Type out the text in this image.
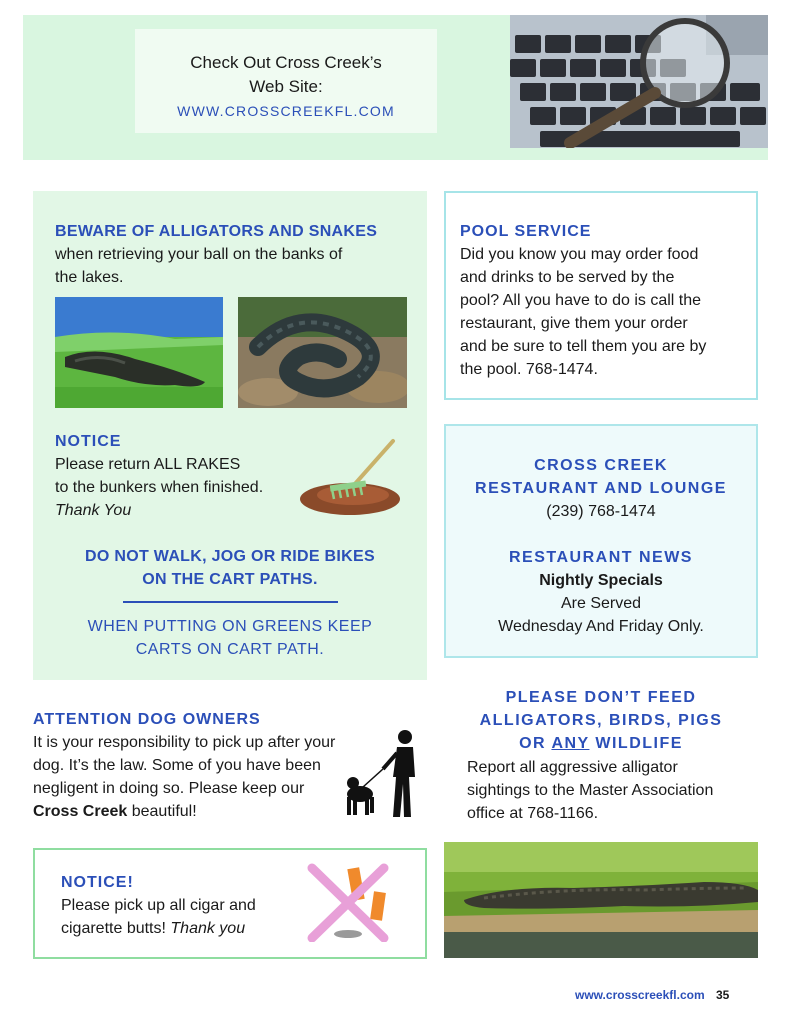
Check Out Cross Creek’s
Web Site:
WWW.CROSSCREEKFL.COM
BEWARE OF ALLIGATORS AND SNAKES
when retrieving your ball on the banks of
the lakes.
NOTICE
Please return ALL RAKES
to the bunkers when finished.
Thank You
DO NOT WALK, JOG OR RIDE BIKES
ON THE CART PATHS.
WHEN PUTTING ON GREENS KEEP
CARTS ON CART PATH.
POOL SERVICE
Did you know you may order food
and drinks to be served by the
pool? All you have to do is call the
restaurant, give them your order
and be sure to tell them you are by
the pool. 768-1474.
CROSS CREEK
RESTAURANT AND LOUNGE
(239) 768-1474
RESTAURANT NEWS
Nightly Specials
Are Served
Wednesday And Friday Only.
ATTENTION DOG OWNERS
It is your responsibility to pick up after your
dog. It’s the law. Some of you have been
negligent in doing so. Please keep our
Cross Creek beautiful!
PLEASE DON’T FEED
ALLIGATORS, BIRDS, PIGS
OR ANY WILDLIFE
Report all aggressive alligator
sightings to the Master Association
office at 768-1166.
NOTICE!
Please pick up all cigar and
cigarette butts! Thank you
www.crosscreekfl.com 35
